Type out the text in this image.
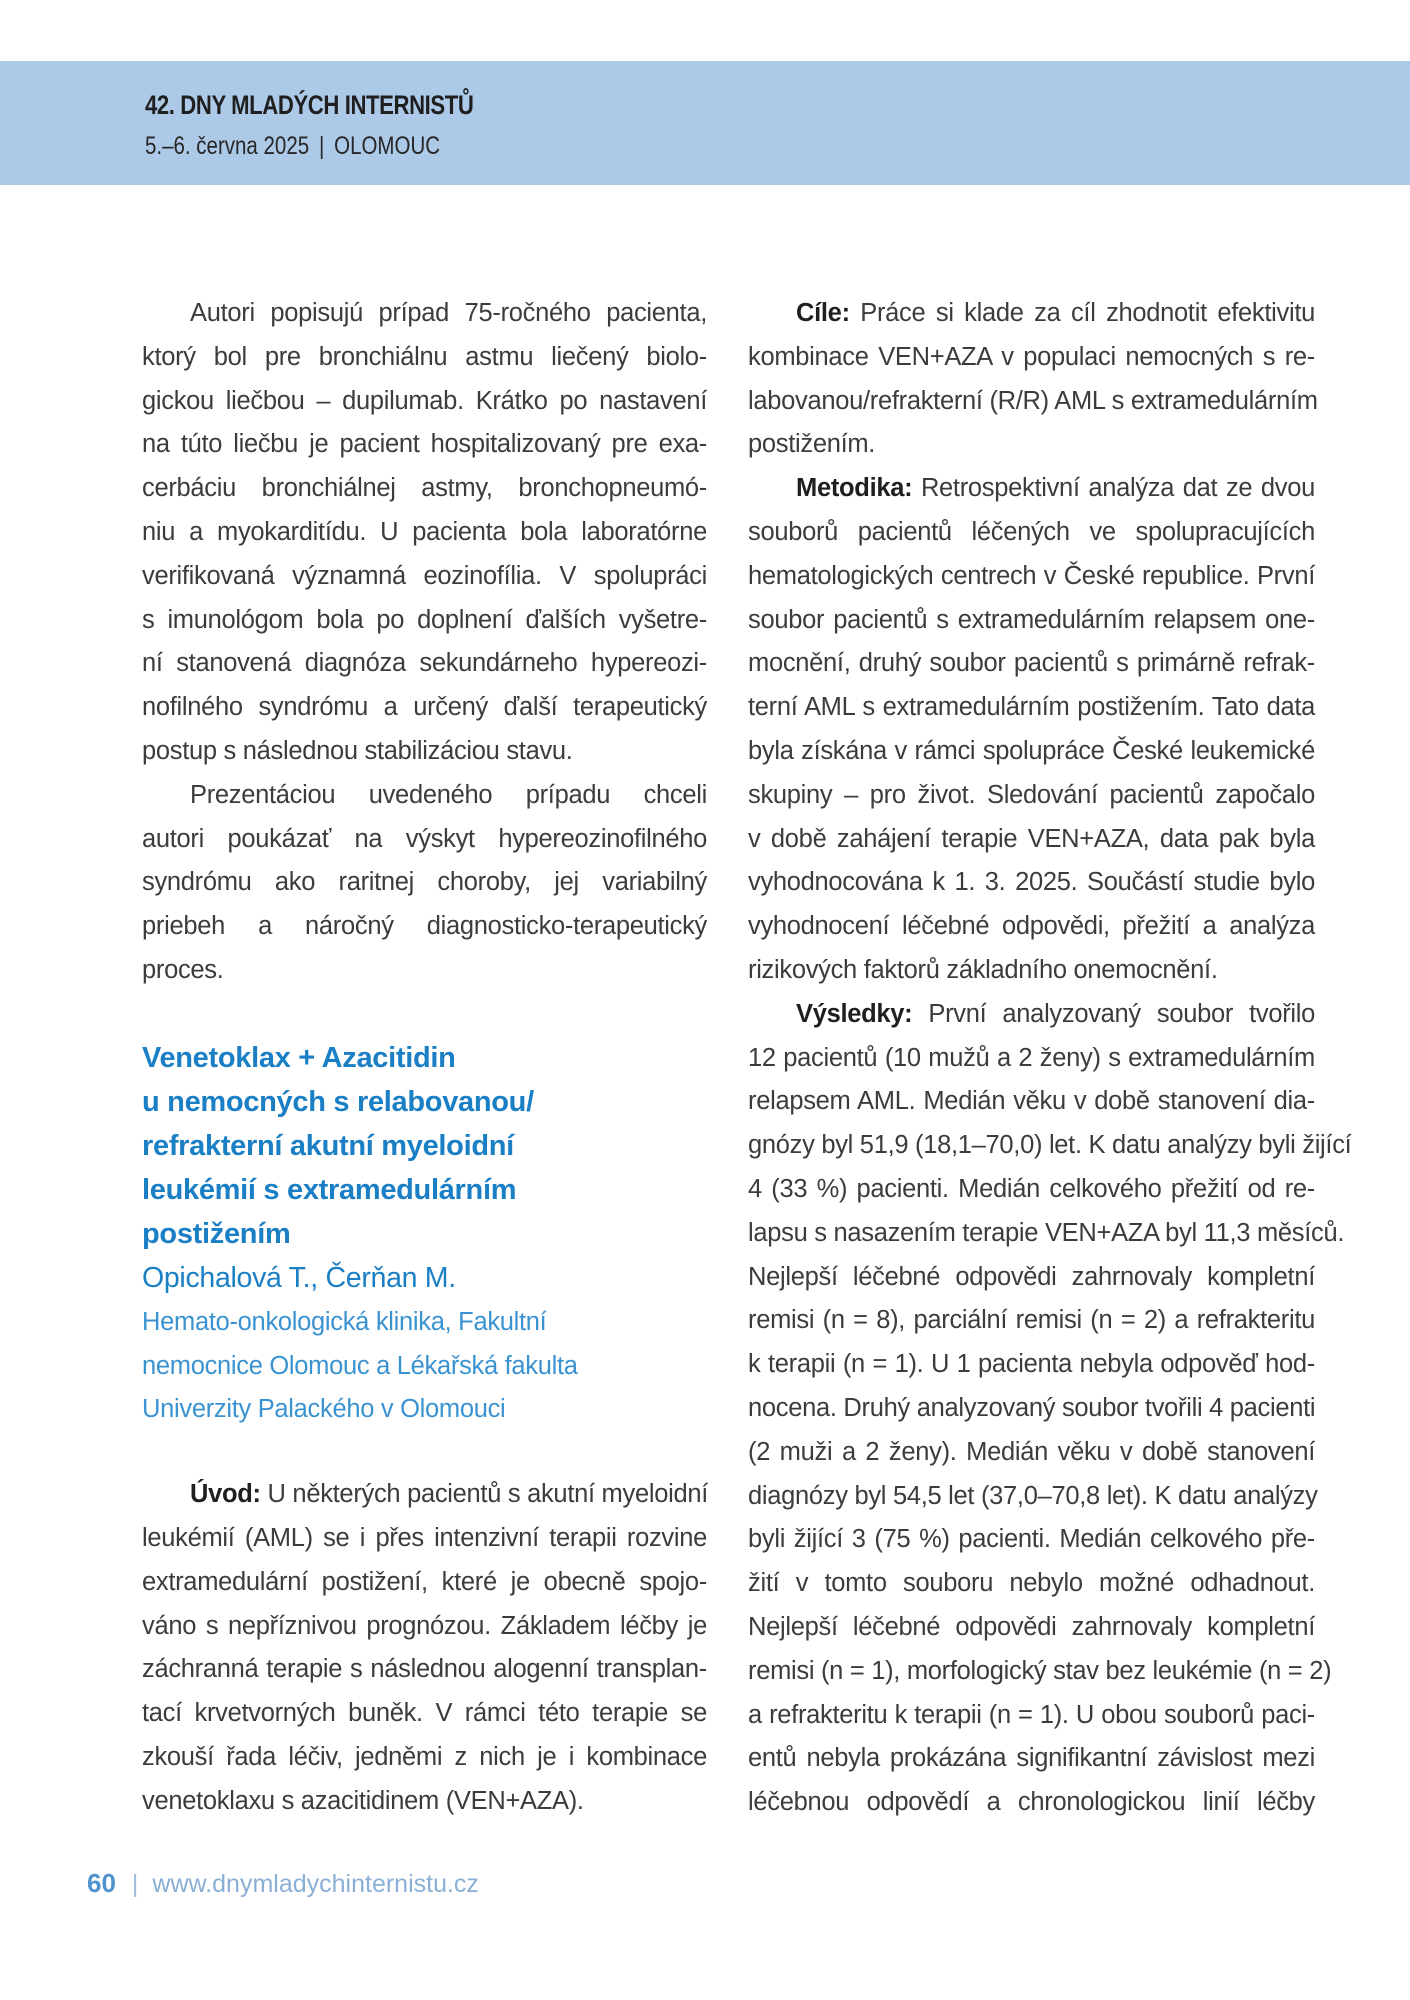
42. DNY MLADÝCH INTERNISTŮ
5.–6. června 2025 | OLOMOUC
Autori popisujú prípad 75-ročného pacienta,
ktorý bol pre bronchiálnu astmu liečený biolo-
gickou liečbou – dupilumab. Krátko po nastavení
na túto liečbu je pacient hospitalizovaný pre exa-
cerbáciu bronchiálnej astmy, bronchopneumó-
niu a myokarditídu. U pacienta bola laboratórne
verifikovaná významná eozinofília. V spolupráci
s imunológom bola po doplnení ďalších vyšetre-
ní stanovená diagnóza sekundárneho hypereozi-
nofilného syndrómu a určený ďalší terapeutický
postup s následnou stabilizáciou stavu.
Prezentáciou uvedeného prípadu chceli
autori poukázať na výskyt hypereozinofilného
syndrómu ako raritnej choroby, jej variabilný
priebeh a náročný diagnosticko-terapeutický
proces.
Venetoklax + Azacitidin
u nemocných s relabovanou/
refrakterní akutní myeloidní
leukémií s extramedulárním
postižením
Opichalová T., Čerňan M.
Hemato-onkologická klinika, Fakultní
nemocnice Olomouc a Lékařská fakulta
Univerzity Palackého v Olomouci
Úvod: U některých pacientů s akutní myeloidní
leukémií (AML) se i přes intenzivní terapii rozvine
extramedulární postižení, které je obecně spojo-
váno s nepříznivou prognózou. Základem léčby je
záchranná terapie s následnou alogenní transplan-
tací krvetvorných buněk. V rámci této terapie se
zkouší řada léčiv, jedněmi z nich je i kombinace
venetoklaxu s azacitidinem (VEN+AZA).
Cíle: Práce si klade za cíl zhodnotit efektivitu
kombinace VEN+AZA v populaci nemocných s re-
labovanou/refrakterní (R/R) AML s extramedulárním
postižením.
Metodika: Retrospektivní analýza dat ze dvou
souborů pacientů léčených ve spolupracujících
hematologických centrech v České republice. První
soubor pacientů s extramedulárním relapsem one-
mocnění, druhý soubor pacientů s primárně refrak-
terní AML s extramedulárním postižením. Tato data
byla získána v rámci spolupráce České leukemické
skupiny – pro život. Sledování pacientů započalo
v době zahájení terapie VEN+AZA, data pak byla
vyhodnocována k 1. 3. 2025. Součástí studie bylo
vyhodnocení léčebné odpovědi, přežití a analýza
rizikových faktorů základního onemocnění.
Výsledky: První analyzovaný soubor tvořilo
12 pacientů (10 mužů a 2 ženy) s extramedulárním
relapsem AML. Medián věku v době stanovení dia-
gnózy byl 51,9 (18,1–70,0) let. K datu analýzy byli žijící
4 (33 %) pacienti. Medián celkového přežití od re-
lapsu s nasazením terapie VEN+AZA byl 11,3 měsíců.
Nejlepší léčebné odpovědi zahrnovaly kompletní
remisi (n = 8), parciální remisi (n = 2) a refrakteritu
k terapii (n = 1). U 1 pacienta nebyla odpověď hod-
nocena. Druhý analyzovaný soubor tvořili 4 pacienti
(2 muži a 2 ženy). Medián věku v době stanovení
diagnózy byl 54,5 let (37,0–70,8 let). K datu analýzy
byli žijící 3 (75 %) pacienti. Medián celkového pře-
žití v tomto souboru nebylo možné odhadnout.
Nejlepší léčebné odpovědi zahrnovaly kompletní
remisi (n = 1), morfologický stav bez leukémie (n = 2)
a refrakteritu k terapii (n = 1). U obou souborů paci-
entů nebyla prokázána signifikantní závislost mezi
léčebnou odpovědí a chronologickou linií léčby
60 | www.dnymladychinternistu.cz
